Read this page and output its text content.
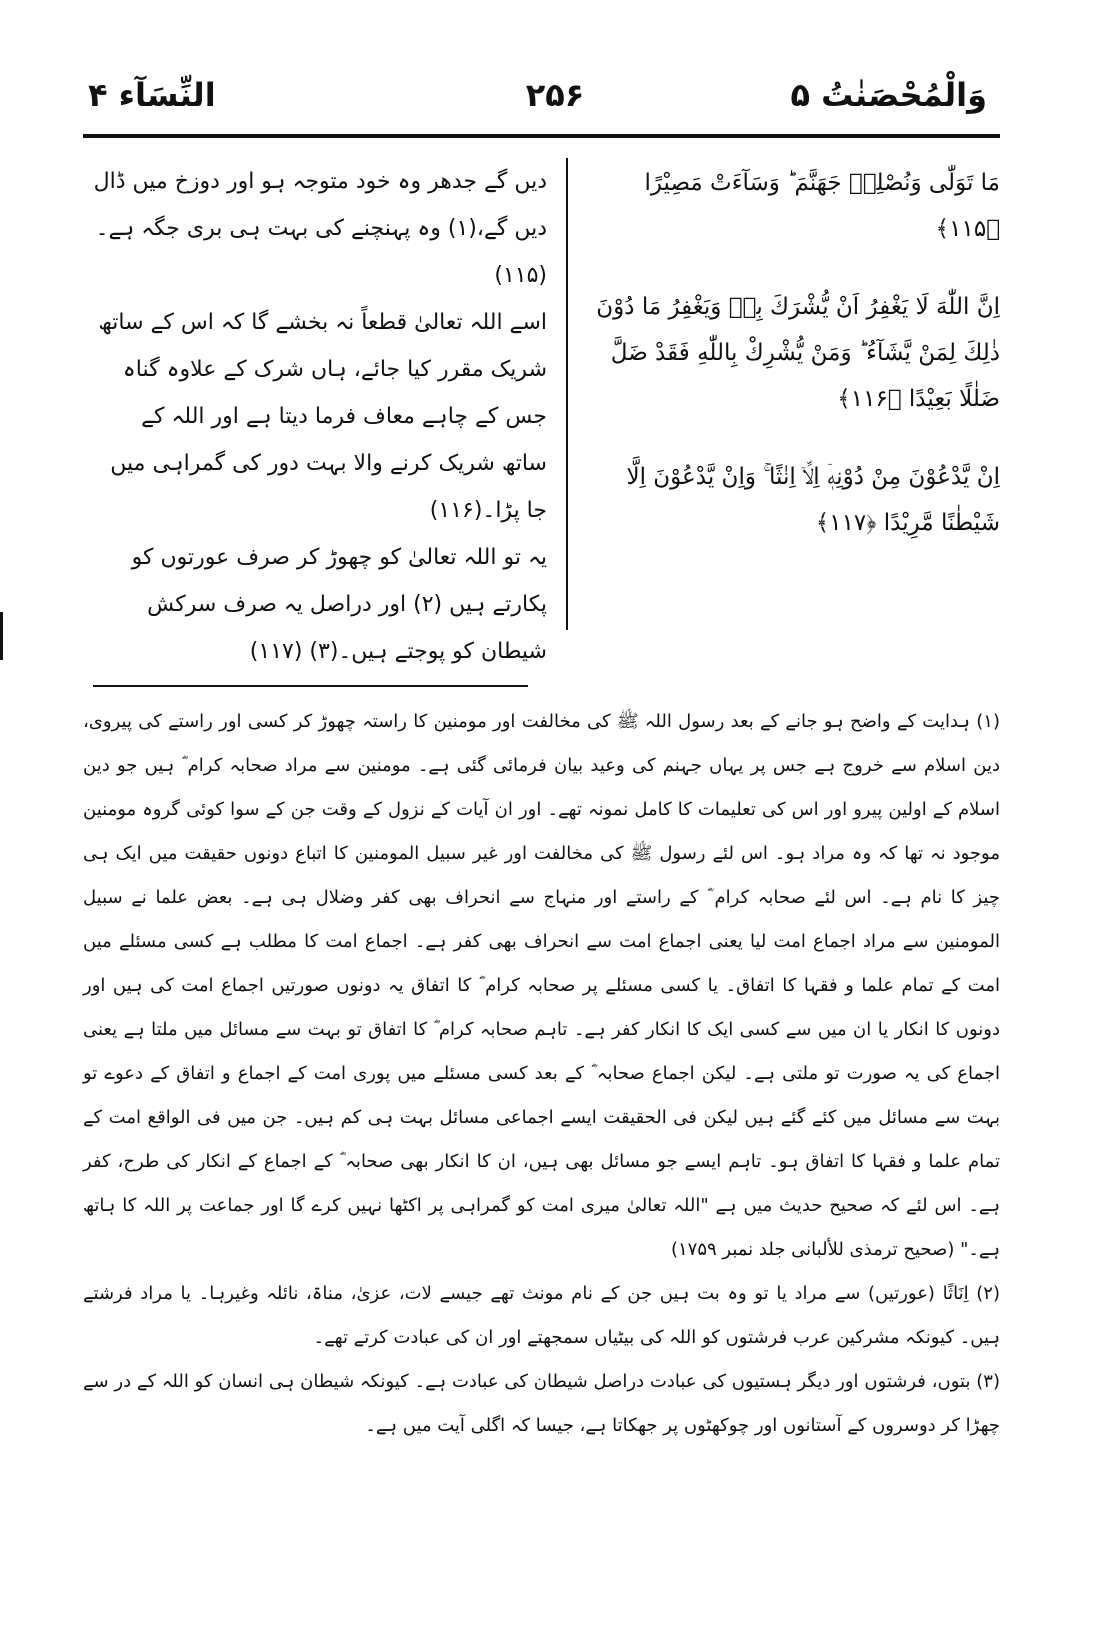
وَالْمُحْصَنٰتُ ۵
۲۵۶
النِّسَآء ۴

مَا تَوَلّٰی وَنُصْلِهٖ جَهَنَّمَ ؕ وَسَآءَتْ مَصِيْرًا ﴿۱۱۵﴾

اِنَّ اللّٰهَ لَا يَغْفِرُ اَنْ يُّشْرَكَ بِهٖ وَيَغْفِرُ مَا دُوْنَ ذٰلِكَ لِمَنْ يَّشَآءُ ؕ وَمَنْ يُّشْرِكْ بِاللّٰهِ فَقَدْ ضَلَّ ضَلٰلًا بَعِيْدًا ﴿۱۱۶﴾

اِنْ يَّدْعُوْنَ مِنْ دُوْنِهٖۤ اِلَّاۤ اِنٰثًا ۚ وَاِنْ يَّدْعُوْنَ اِلَّا شَيْطٰنًا مَّرِيْدًا ﴿۱۱۷﴾

دیں گے جدھر وہ خود متوجہ ہو اور دوزخ میں ڈال دیں گے،(۱) وہ پہنچنے کی بہت ہی بری جگہ ہے۔(۱۱۵)

اسے اللہ تعالیٰ قطعاً نہ بخشے گا کہ اس کے ساتھ شریک مقرر کیا جائے، ہاں شرک کے علاوہ گناہ جس کے چاہے معاف فرما دیتا ہے اور اللہ کے ساتھ شریک کرنے والا بہت دور کی گمراہی میں جا پڑا۔(۱۱۶)

یہ تو اللہ تعالیٰ کو چھوڑ کر صرف عورتوں کو پکارتے ہیں (۲) اور دراصل یہ صرف سرکش شیطان کو پوجتے ہیں۔(۳) (۱۱۷)

(۱) ہدایت کے واضح ہو جانے کے بعد رسول اللہ ﷺ کی مخالفت اور مومنین کا راستہ چھوڑ کر کسی اور راستے کی پیروی، دین اسلام سے خروج ہے جس پر یہاں جہنم کی وعید بیان فرمائی گئی ہے۔ مومنین سے مراد صحابہ کرام ؓ ہیں جو دین اسلام کے اولین پیرو اور اس کی تعلیمات کا کامل نمونہ تھے۔ اور ان آیات کے نزول کے وقت جن کے سوا کوئی گروہ مومنین موجود نہ تھا کہ وہ مراد ہو۔ اس لئے رسول ﷺ کی مخالفت اور غیر سبیل المومنین کا اتباع دونوں حقیقت میں ایک ہی چیز کا نام ہے۔ اس لئے صحابہ کرام ؓ کے راستے اور منہاج سے انحراف بھی کفر وضلال ہی ہے۔ بعض علما نے سبیل المومنین سے مراد اجماع امت لیا یعنی اجماع امت سے انحراف بھی کفر ہے۔ اجماع امت کا مطلب ہے کسی مسئلے میں امت کے تمام علما و فقہا کا اتفاق۔ یا کسی مسئلے پر صحابہ کرام ؓ کا اتفاق یہ دونوں صورتیں اجماع امت کی ہیں اور دونوں کا انکار یا ان میں سے کسی ایک کا انکار کفر ہے۔ تاہم صحابہ کرام ؓ کا اتفاق تو بہت سے مسائل میں ملتا ہے یعنی اجماع کی یہ صورت تو ملتی ہے۔ لیکن اجماع صحابہ ؓ کے بعد کسی مسئلے میں پوری امت کے اجماع و اتفاق کے دعوے تو بہت سے مسائل میں کئے گئے ہیں لیکن فی الحقیقت ایسے اجماعی مسائل بہت ہی کم ہیں۔ جن میں فی الواقع امت کے تمام علما و فقہا کا اتفاق ہو۔ تاہم ایسے جو مسائل بھی ہیں، ان کا انکار بھی صحابہ ؓ کے اجماع کے انکار کی طرح، کفر ہے۔ اس لئے کہ صحیح حدیث میں ہے "اللہ تعالیٰ میری امت کو گمراہی پر اکٹھا نہیں کرے گا اور جماعت پر اللہ کا ہاتھ ہے۔" (صحیح ترمذی للألبانی جلد نمبر ۱۷۵۹)

(۲) اِنَاثًا (عورتیں) سے مراد یا تو وہ بت ہیں جن کے نام مونث تھے جیسے لات، عزیٰ، مناۃ، نائلہ وغیرہا۔ یا مراد فرشتے ہیں۔ کیونکہ مشرکین عرب فرشتوں کو اللہ کی بیٹیاں سمجھتے اور ان کی عبادت کرتے تھے۔

(۳) بتوں، فرشتوں اور دیگر ہستیوں کی عبادت دراصل شیطان کی عبادت ہے۔ کیونکہ شیطان ہی انسان کو اللہ کے در سے چھڑا کر دوسروں کے آستانوں اور چوکھٹوں پر جھکاتا ہے، جیسا کہ اگلی آیت میں ہے۔
